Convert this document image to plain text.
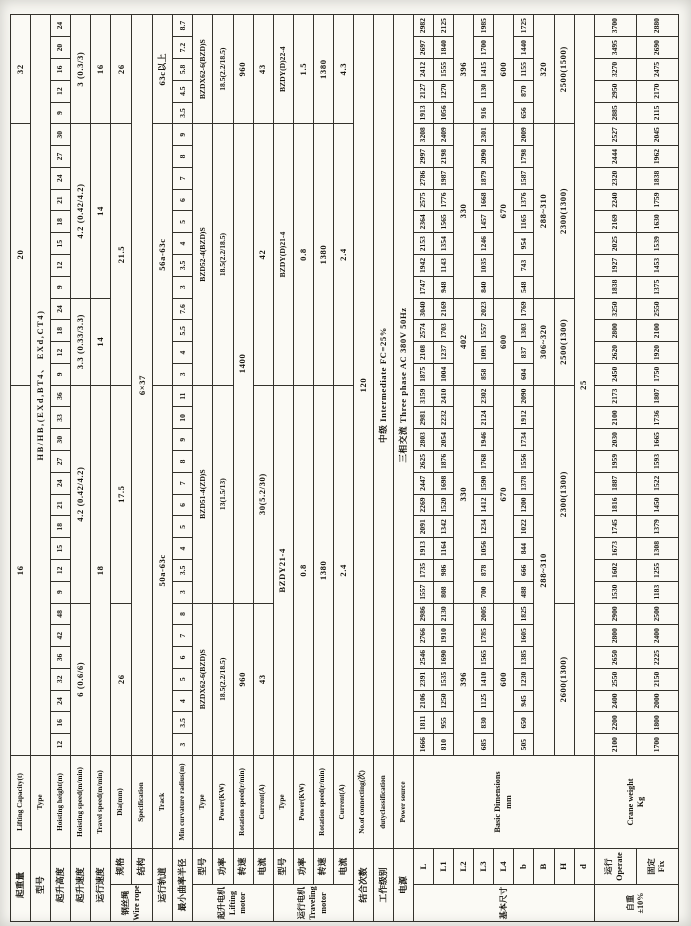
起重量		Lifting Capacity(t)	16																	20												32				
型号		Type	HB/HB,(EXd,BT4、 EXd,CT4)																																	
起升高度		Hoisting height(m)	12	16	24	32	36	42	48	9	12	15	18	21	24	27	30	33	36	9	12	18	24	9	12	15	18	21	24	27	30	9	12	16	20	24
起升速度		Hoisting speed(m/min)	6 (0.6/6)							4.2 (0.42/4.2)										3.3 (0.33/3.3)				4.2 (0.42/4.2)								3 (0.3/3)				
运行速度		Travel speed(m/min)	18																	14				14								16				
钢丝绳 Wire rope	规格	Dia(mm)	26							17.5										21.5												26				
	结构	Specification	6×37																																	
运行轨道		Track	50a-63c																	56a-63c												63c以上				
最小曲率半径		Min curvature radius(m)	3	3.5	4	5	6	7	8	3	3.5	4	5	6	7	8	9	10	11	3	4	5.5	7.6	3	3.5	4	5	6	7	8	9	3.5	4.5	5.8	7.2	8.7
起升电机 Lifting motor	型号	Type	BZDX62-6(BZD)S							BZD51-4(ZD)S										BZD52-4(BZD)S												BZDX62-6(BZD)S				
	功率	Power(KW)	18.5(2.2/18.5)							13(1.5/13)										18.5(2.2/18.5)												18.5(2.2/18.5)				
	转速	Rotation speed(r/min)	960							1400																						960				
	电流	Current(A)	43							30(5.2/30)										42												43				
运行电机 Traveling motor	型号	Type	BZDY21-4																	BZDY(D)21-4												BZDY(D)22-4				
	功率	Power(KW)	0.8																	0.8												1.5				
	转速	Rotation speed(r/min)	1380																	1380												1380				
	电流	Current(A)	2.4																	2.4												4.3				
结合次数		No.of connecting(次)	120																																	
工作级别		dutyclassification	中级 Intermediate FC=25%																																	
电源		Power source	三相交流 Three phase AC 380V 50Hz																																	
基本尺寸	L	Basic Dimensions mm	1666	1811	2106	2391	2546	2766	2986	1557	1735	1913	2091	2269	2447	2625	2803	2981	3159	1875	2108	2574	3040	1747	1942	2153	2364	2575	2786	2997	3208	1913	2127	2412	2697	2982
	L1		810	955	1250	1535	1690	1910	2130	808	986	1164	1342	1520	1698	1876	2054	2232	2410	1004	1237	1703	2169	948	1143	1354	1565	1776	1987	2198	2409	1056	1270	1555	1840	2125
	L2		396							330										402				330								396				
	L3		685	830	1125	1410	1565	1785	2005	700	878	1056	1234	1412	1590	1768	1946	2124	2302	858	1091	1557	2023	840	1035	1246	1457	1668	1879	2090	2301	916	1130	1415	1700	1985
	L4		600							670										600				670								600				
	b		505	650	945	1230	1385	1605	1825	488	666	844	1022	1200	1378	1556	1734	1912	2090	604	837	1303	1769	548	743	954	1165	1376	1587	1798	2009	656	870	1155	1440	1725
	B		288~310																	306~320				288~310								320				
	H		2600(1300)							2300(1300)										2500(1300)				2300(1300)								2500(1500)				
	d		25																																	
自重 ±10%	运行 Operate	Crane weight Kg	2100	2200	2400	2550	2650	2800	2900	1530	1602	1673	1745	1816	1887	1959	2030	2100	2173	2450	2620	2800	3250	1838	1927	2025	2169	2240	2320	2444	2527	2885	2950	3270	3495	3700
	固定 Fix		1700	1800	2000	2150	2225	2400	2500	1183	1255	1308	1379	1450	1522	1593	1665	1736	1807	1750	1920	2100	2550	1375	1453	1539	1630	1759	1838	1962	2045	2115	2170	2475	2690	2880
